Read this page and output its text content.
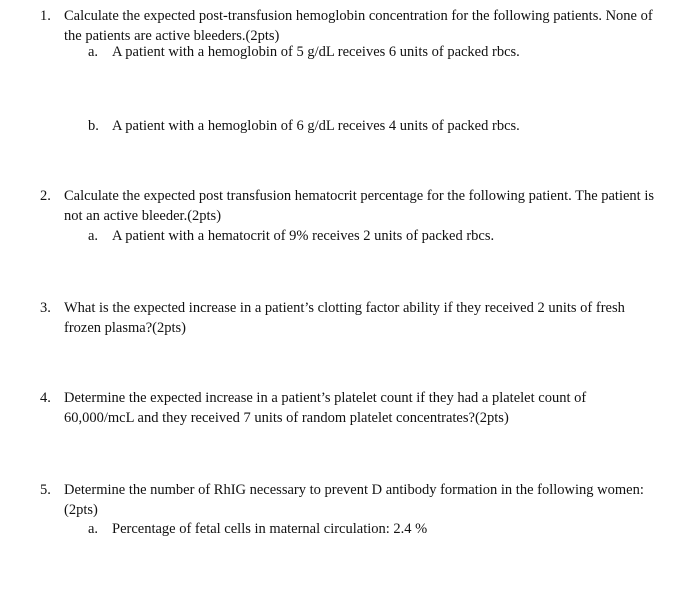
1. Calculate the expected post-transfusion hemoglobin concentration for the following patients. None of the patients are active bleeders.(2pts)
a. A patient with a hemoglobin of 5 g/dL receives 6 units of packed rbcs.
b. A patient with a hemoglobin of 6 g/dL receives 4 units of packed rbcs.
2. Calculate the expected post transfusion hematocrit percentage for the following patient. The patient is not an active bleeder.(2pts)
a. A patient with a hematocrit of 9% receives 2 units of packed rbcs.
3. What is the expected increase in a patient’s clotting factor ability if they received 2 units of fresh frozen plasma?(2pts)
4. Determine the expected increase in a patient’s platelet count if they had a platelet count of 60,000/mcL and they received 7 units of random platelet concentrates?(2pts)
5. Determine the number of RhIG necessary to prevent D antibody formation in the following women:(2pts)
a. Percentage of fetal cells in maternal circulation: 2.4 %
